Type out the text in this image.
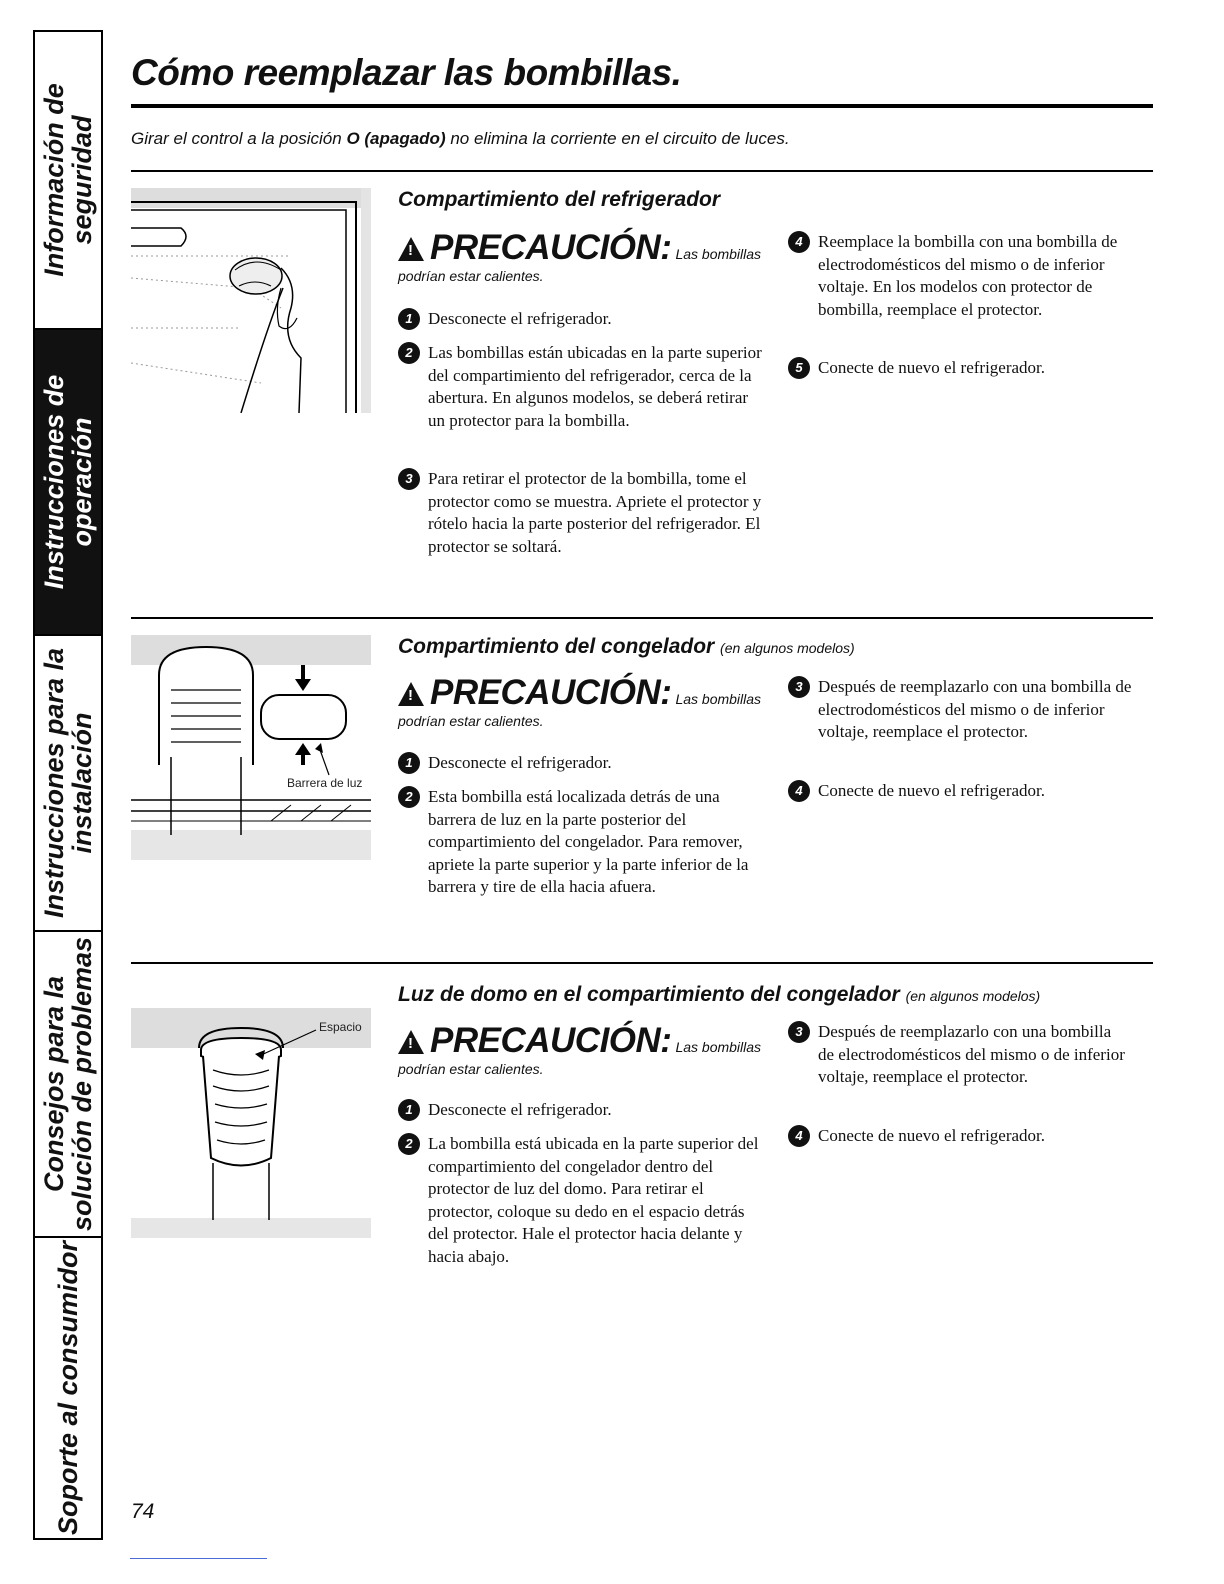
Información de
seguridad
Instrucciones de
operación
Instrucciones para la
instalación
Consejos para la
solución de problemas
Soporte al consumidor
Cómo reemplazar las bombillas.
Girar el control a la posición O (apagado) no elimina la corriente en el circuito de luces.
Compartimiento del refrigerador
!PRECAUCIÓN: Las bombillas
podrían estar calientes.
1 Desconecte el refrigerador.
2 Las bombillas están ubicadas en la parte superior del compartimiento del refrigerador, cerca de la abertura. En algunos modelos, se deberá retirar un protector para la bombilla.
3 Para retirar el protector de la bombilla, tome el protector como se muestra. Apriete el protector y rótelo hacia la parte posterior del refrigerador. El protector se soltará.
4 Reemplace la bombilla con una bombilla de electrodomésticos del mismo o de inferior voltaje. En los modelos con protector de bombilla, reemplace el protector.
5 Conecte de nuevo el refrigerador.
Barrera de luz
Compartimiento del congelador (en algunos modelos)
!PRECAUCIÓN: Las bombillas
podrían estar calientes.
1 Desconecte el refrigerador.
2 Esta bombilla está localizada detrás de una barrera de luz en la parte posterior del compartimiento del congelador. Para remover, apriete la parte superior y la parte inferior de la barrera y tire de ella hacia afuera.
3 Después de reemplazarlo con una bombilla de electrodomésticos del mismo o de inferior voltaje, reemplace el protector.
4 Conecte de nuevo el refrigerador.
Espacio
Luz de domo en el compartimiento del congelador (en algunos modelos)
!PRECAUCIÓN: Las bombillas
podrían estar calientes.
1 Desconecte el refrigerador.
2 La bombilla está ubicada en la parte superior del compartimiento del congelador dentro del protector de luz del domo. Para retirar el protector, coloque su dedo en el espacio detrás del protector. Hale el protector hacia delante y hacia abajo.
3 Después de reemplazarlo con una bombilla de electrodomésticos del mismo o de inferior voltaje, reemplace el protector.
4 Conecte de nuevo el refrigerador.
74
